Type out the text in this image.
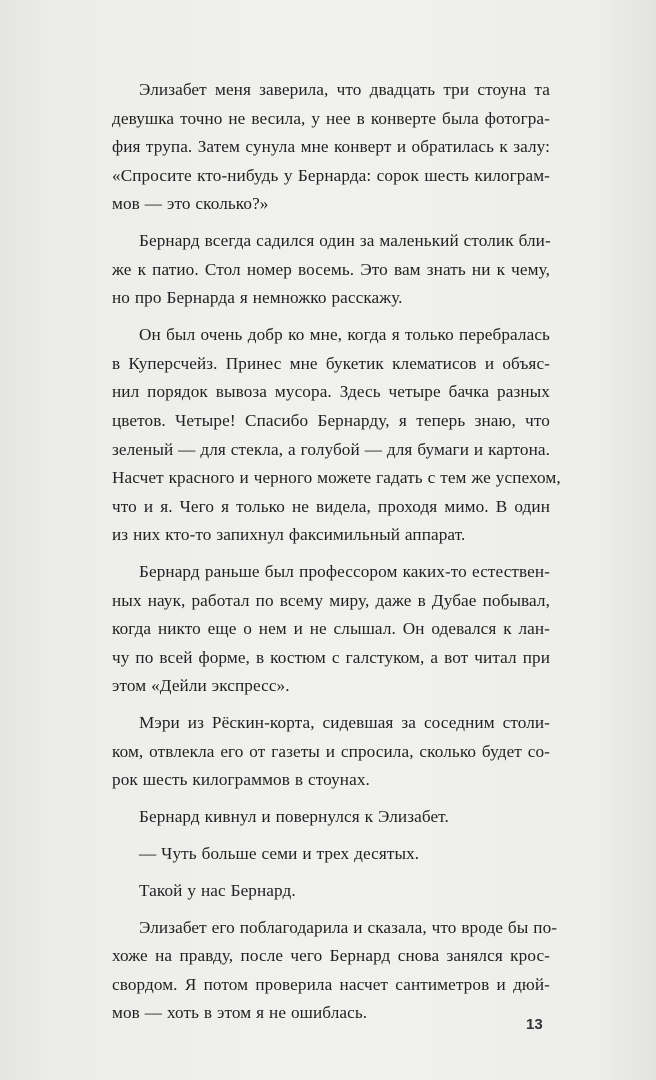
Элизабет меня заверила, что двадцать три стоуна та
девушка точно не весила, у нее в конверте была фотогра-
фия трупа. Затем сунула мне конверт и обратилась к залу:
«Спросите кто-нибудь у Бернарда: сорок шесть килограм-
мов — это сколько?»

Бернард всегда садился один за маленький столик бли-
же к патио. Стол номер восемь. Это вам знать ни к чему,
но про Бернарда я немножко расскажу.

Он был очень добр ко мне, когда я только перебралась
в Куперсчейз. Принес мне букетик клематисов и объяс-
нил порядок вывоза мусора. Здесь четыре бачка разных
цветов. Четыре! Спасибо Бернарду, я теперь знаю, что
зеленый — для стекла, а голубой — для бумаги и картона.
Насчет красного и черного можете гадать с тем же успехом,
что и я. Чего я только не видела, проходя мимо. В один
из них кто-то запихнул факсимильный аппарат.

Бернард раньше был профессором каких-то естествен-
ных наук, работал по всему миру, даже в Дубае побывал,
когда никто еще о нем и не слышал. Он одевался к лан-
чу по всей форме, в костюм с галстуком, а вот читал при
этом «Дейли экспресс».

Мэри из Рёскин-корта, сидевшая за соседним столи-
ком, отвлекла его от газеты и спросила, сколько будет со-
рок шесть килограммов в стоунах.

Бернард кивнул и повернулся к Элизабет.

— Чуть больше семи и трех десятых.

Такой у нас Бернард.

Элизабет его поблагодарила и сказала, что вроде бы по-
хоже на правду, после чего Бернард снова занялся крос-
свордом. Я потом проверила насчет сантиметров и дюй-
мов — хоть в этом я не ошиблась.

13
